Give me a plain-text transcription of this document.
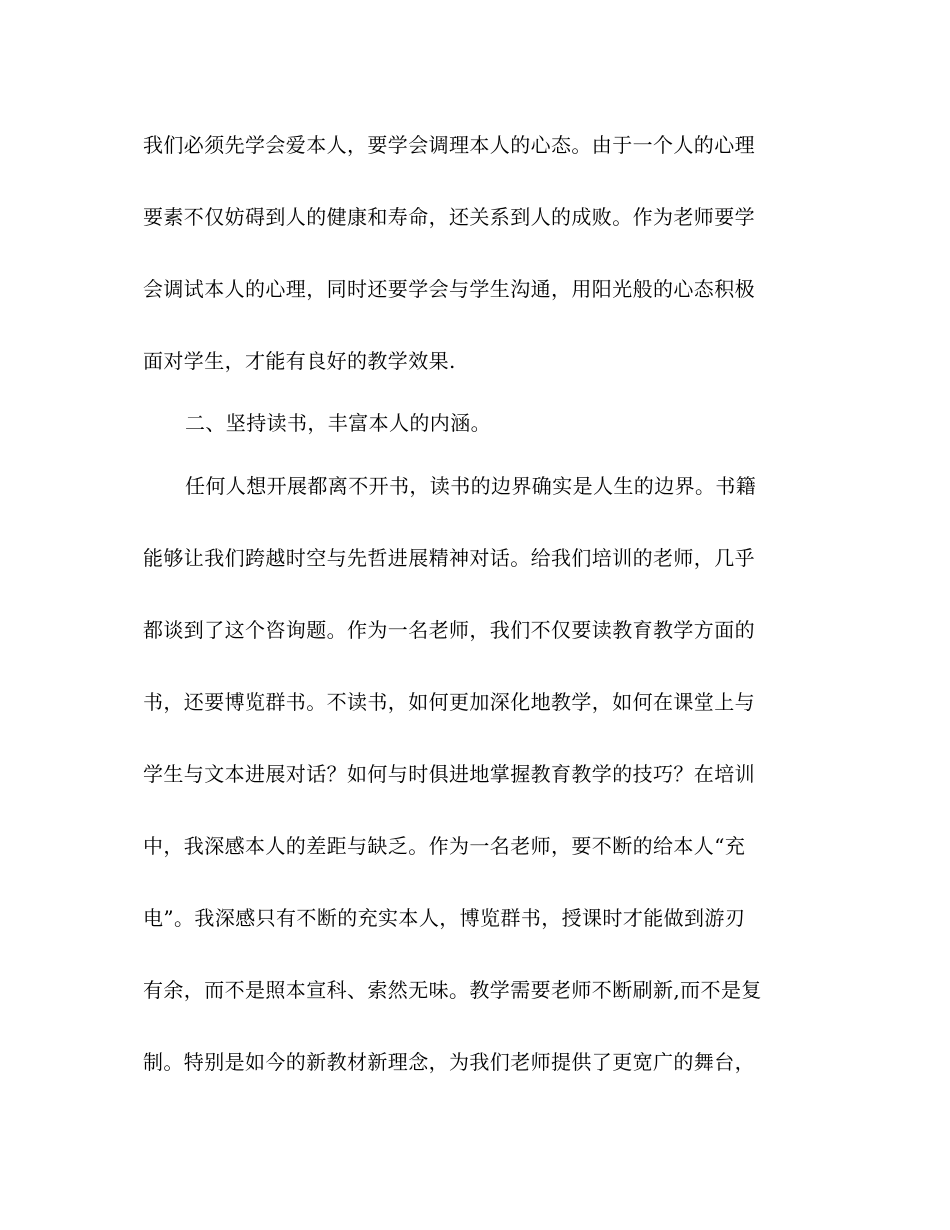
我们必须先学会爱本人，要学会调理本人的心态。由于一个人的心理

要素不仅妨碍到人的健康和寿命，还关系到人的成败。作为老师要学

会调试本人的心理，同时还要学会与学生沟通，用阳光般的心态积极

面对学生，才能有良好的教学效果.

二、坚持读书，丰富本人的内涵。

任何人想开展都离不开书，读书的边界确实是人生的边界。书籍

能够让我们跨越时空与先哲进展精神对话。给我们培训的老师，几乎

都谈到了这个咨询题。作为一名老师，我们不仅要读教育教学方面的

书，还要博览群书。不读书，如何更加深化地教学，如何在课堂上与

学生与文本进展对话？如何与时俱进地掌握教育教学的技巧？在培训

中，我深感本人的差距与缺乏。作为一名老师，要不断的给本人“充

电”。我深感只有不断的充实本人，博览群书，授课时才能做到游刃

有余，而不是照本宣科、索然无味。教学需要老师不断刷新,而不是复

制。特别是如今的新教材新理念，为我们老师提供了更宽广的舞台，
